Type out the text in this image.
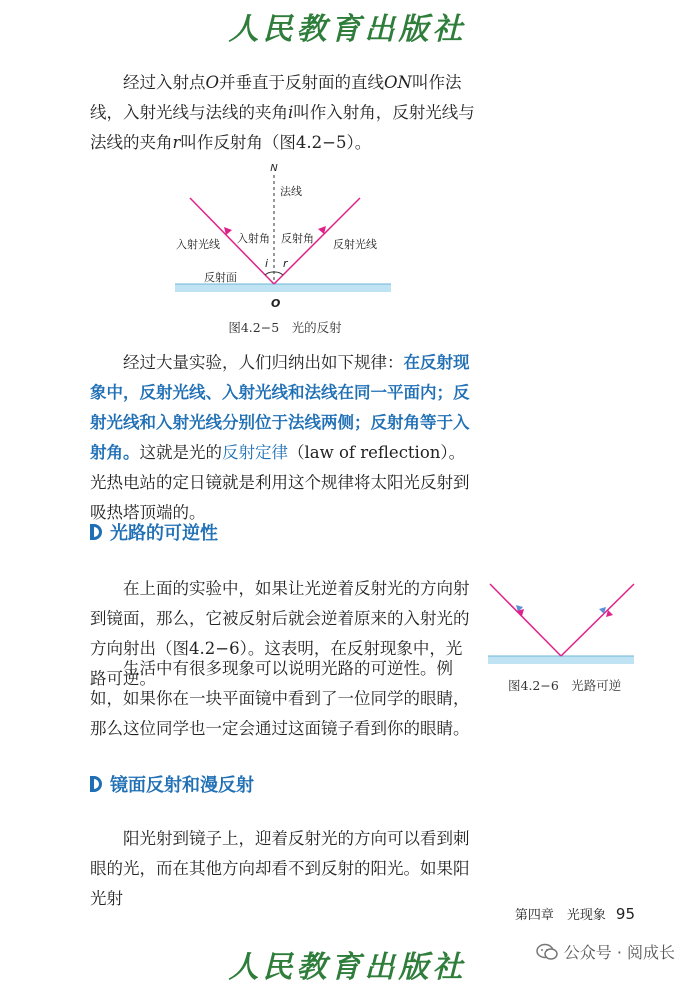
人民教育出版社

经过入射点O并垂直于反射面的直线ON叫作法线，入射光线与法线的夹角i叫作入射角，反射光线与法线的夹角r叫作反射角（图4.2−5）。

N
法线
入射光线 入射角 反射角 反射光线
i r
反射面
O
图4.2−5　光的反射

经过大量实验，人们归纳出如下规律：在反射现象中，反射光线、入射光线和法线在同一平面内；反射光线和入射光线分别位于法线两侧；反射角等于入射角。这就是光的反射定律（law of reflection）。光热电站的定日镜就是利用这个规律将太阳光反射到吸热塔顶端的。

光路的可逆性

在上面的实验中，如果让光逆着反射光的方向射到镜面，那么，它被反射后就会逆着原来的入射光的方向射出（图4.2−6）。这表明，在反射现象中，光路可逆。

生活中有很多现象可以说明光路的可逆性。例如，如果你在一块平面镜中看到了一位同学的眼睛，那么这位同学也一定会通过这面镜子看到你的眼睛。

图4.2−6　光路可逆
镜面反射和漫反射

阳光射到镜子上，迎着反射光的方向可以看到刺眼的光，而在其他方向却看不到反射的阳光。如果阳光射

第四章　光现象 95
公众号 · 阅成长
人民教育出版社
